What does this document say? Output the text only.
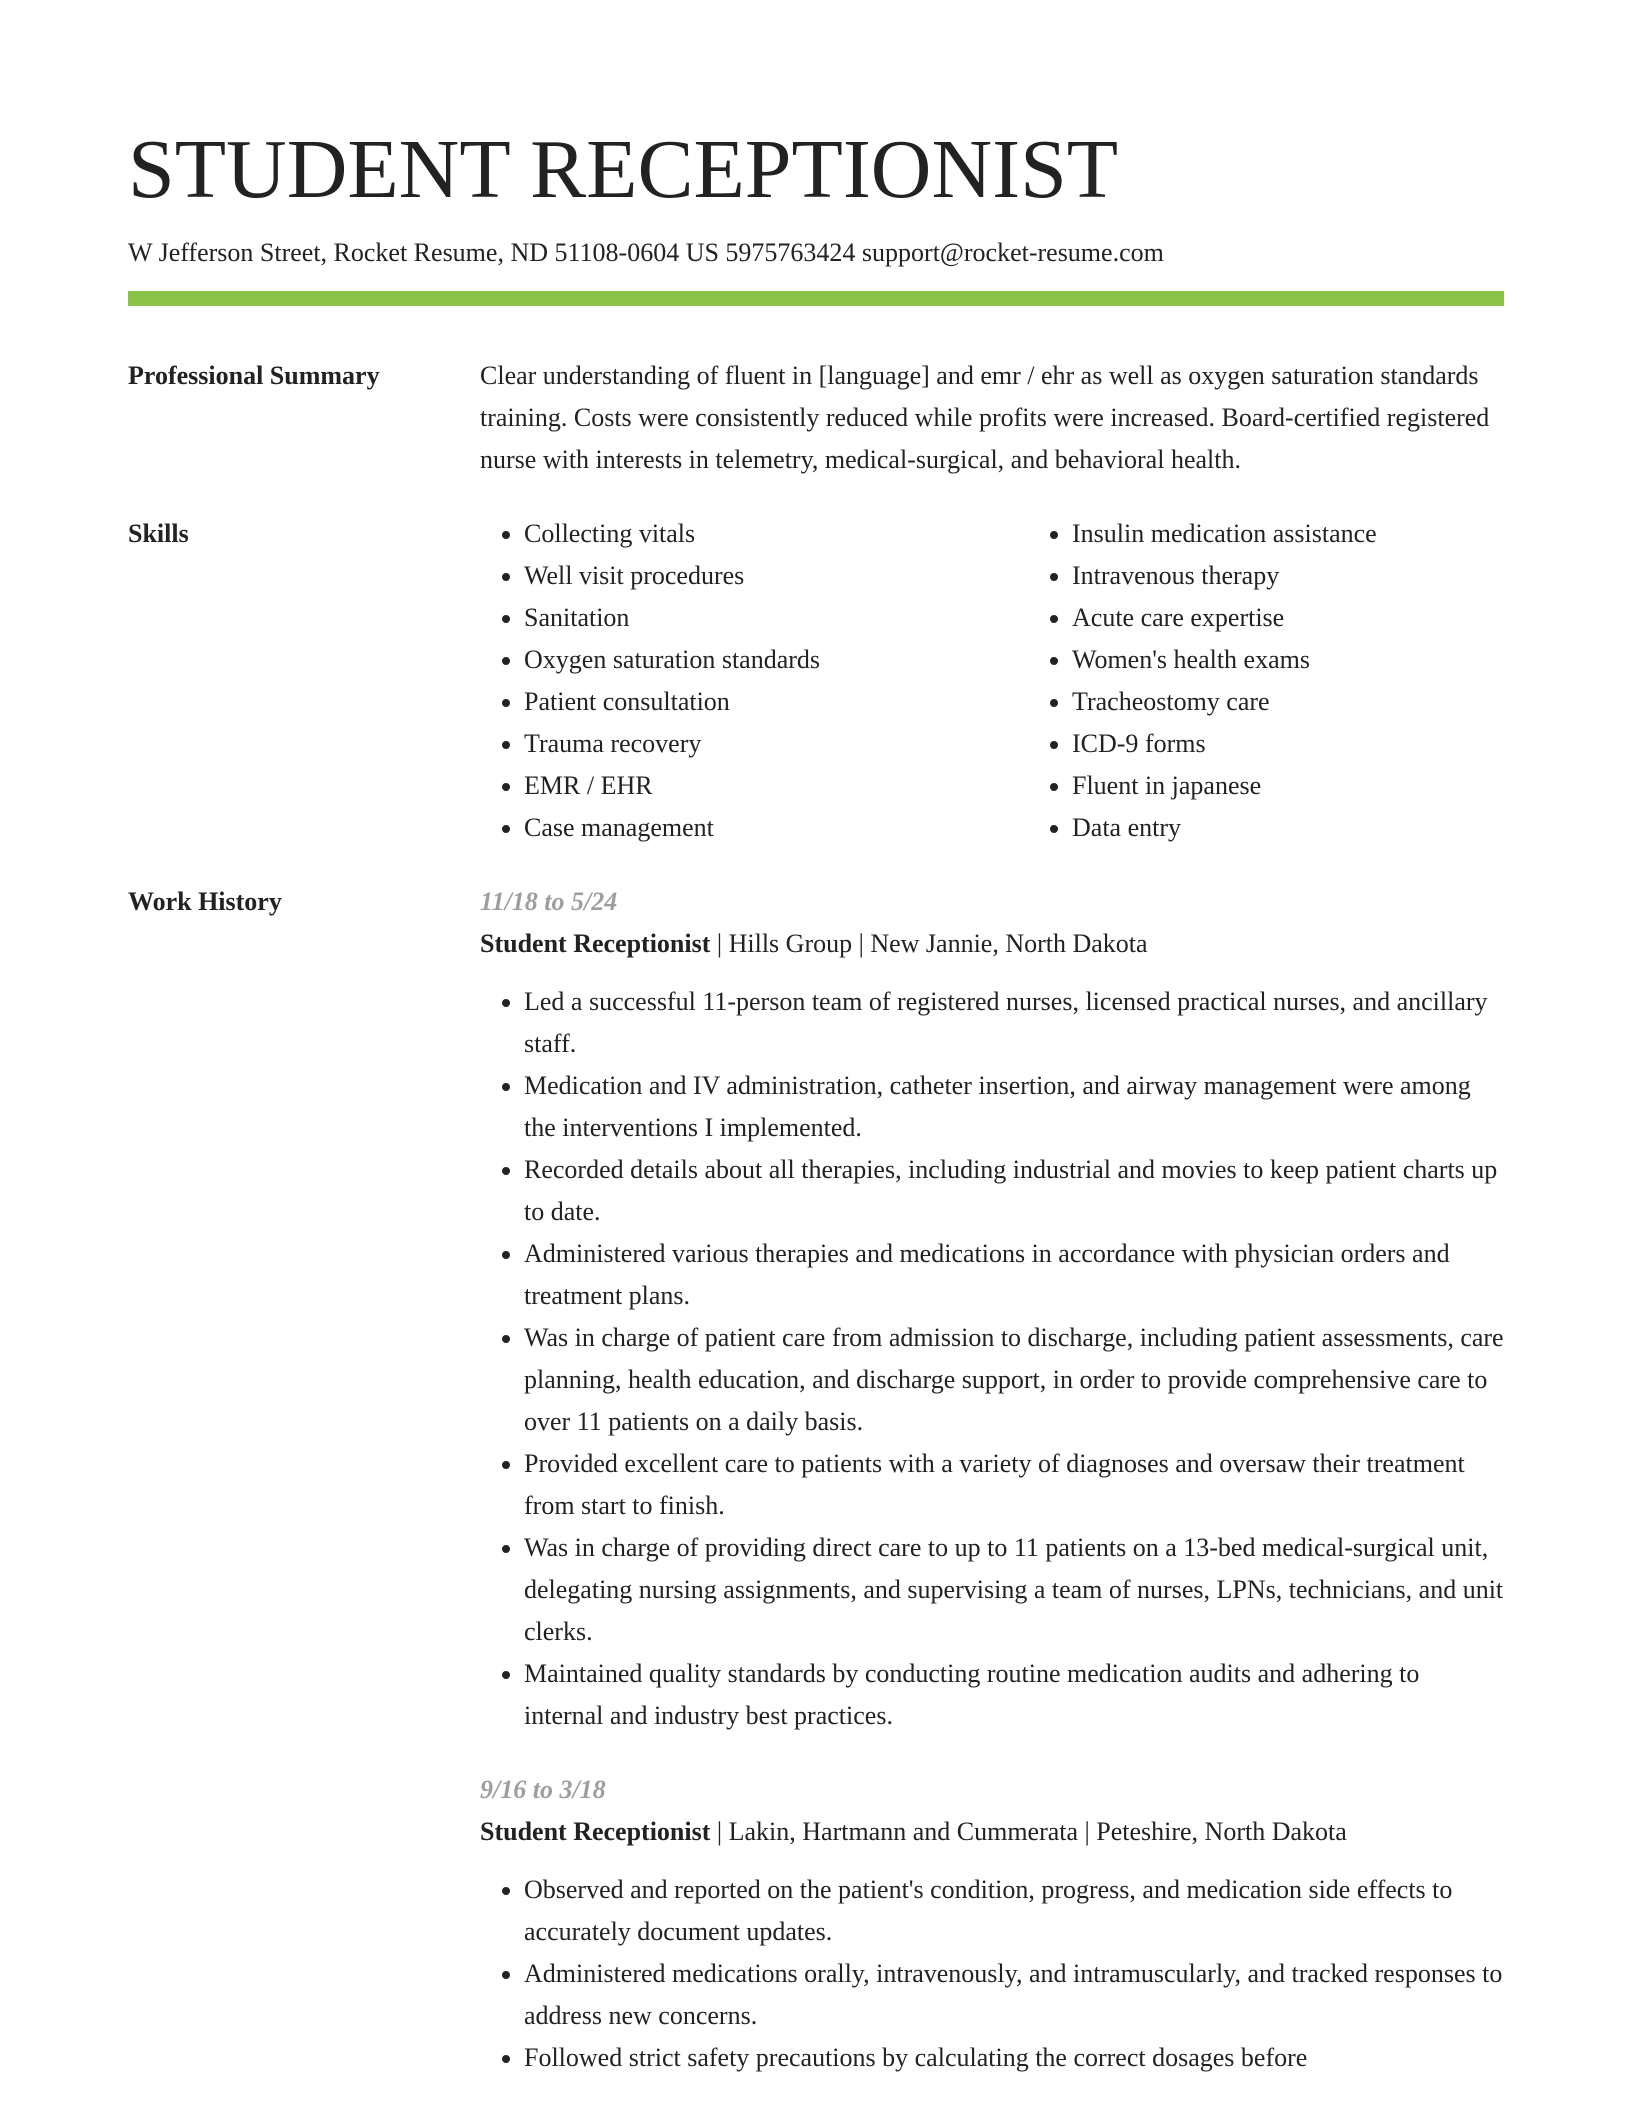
STUDENT RECEPTIONIST
W Jefferson Street, Rocket Resume, ND 51108-0604 US 5975763424 support@rocket-resume.com
Professional Summary	Clear understanding of fluent in [language] and emr / ehr as well as oxygen saturation standards training. Costs were consistently reduced while profits were increased. Board-certified registered nurse with interests in telemetry, medical-surgical, and behavioral health.
Skills
•	Collecting vitals
• Well visit procedures
• Sanitation
• Oxygen saturation standards
• Patient consultation
• Trauma recovery
• EMR / EHR
• Case management
• Insulin medication assistance
• Intravenous therapy
• Acute care expertise
• Women's health exams
• Tracheostomy care
• ICD-9 forms
• Fluent in japanese
• Data entry
Work History	11/18 to 5/24
Student Receptionist | Hills Group | New Jannie, North Dakota
• Led a successful 11-person team of registered nurses, licensed practical nurses, and ancillary staff.
• Medication and IV administration, catheter insertion, and airway management were among the interventions I implemented.
• Recorded details about all therapies, including industrial and movies to keep patient charts up to date.
• Administered various therapies and medications in accordance with physician orders and treatment plans.
• Was in charge of patient care from admission to discharge, including patient assessments, care planning, health education, and discharge support, in order to provide comprehensive care to over 11 patients on a daily basis.
• Provided excellent care to patients with a variety of diagnoses and oversaw their treatment from start to finish.
• Was in charge of providing direct care to up to 11 patients on a 13-bed medical-surgical unit, delegating nursing assignments, and supervising a team of nurses, LPNs, technicians, and unit clerks.
• Maintained quality standards by conducting routine medication audits and adhering to internal and industry best practices.
9/16 to 3/18
Student Receptionist | Lakin, Hartmann and Cummerata | Peteshire, North Dakota
• Observed and reported on the patient's condition, progress, and medication side effects to accurately document updates.
• Administered medications orally, intravenously, and intramuscularly, and tracked responses to address new concerns.
• Followed strict safety precautions by calculating the correct dosages before
